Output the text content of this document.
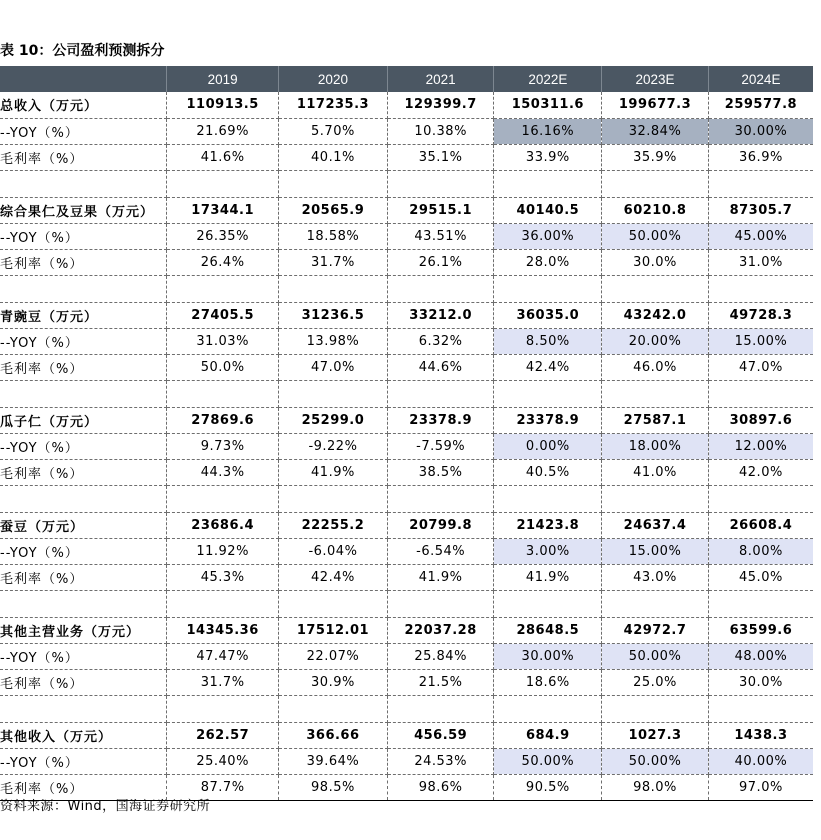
表 10：公司盈利预测拆分
	2019	2020	2021	2022E	2023E	2024E
总收入（万元）	110913.5	117235.3	129399.7	150311.6	199677.3	259577.8
--YOY（%）	21.69%	5.70%	10.38%	16.16%	32.84%	30.00%
毛利率（%）	41.6%	40.1%	35.1%	33.9%	35.9%	36.9%

综合果仁及豆果（万元）	17344.1	20565.9	29515.1	40140.5	60210.8	87305.7
--YOY（%）	26.35%	18.58%	43.51%	36.00%	50.00%	45.00%
毛利率（%）	26.4%	31.7%	26.1%	28.0%	30.0%	31.0%

青豌豆（万元）	27405.5	31236.5	33212.0	36035.0	43242.0	49728.3
--YOY（%）	31.03%	13.98%	6.32%	8.50%	20.00%	15.00%
毛利率（%）	50.0%	47.0%	44.6%	42.4%	46.0%	47.0%

瓜子仁（万元）	27869.6	25299.0	23378.9	23378.9	27587.1	30897.6
--YOY（%）	9.73%	-9.22%	-7.59%	0.00%	18.00%	12.00%
毛利率（%）	44.3%	41.9%	38.5%	40.5%	41.0%	42.0%

蚕豆（万元）	23686.4	22255.2	20799.8	21423.8	24637.4	26608.4
--YOY（%）	11.92%	-6.04%	-6.54%	3.00%	15.00%	8.00%
毛利率（%）	45.3%	42.4%	41.9%	41.9%	43.0%	45.0%

其他主营业务（万元）	14345.36	17512.01	22037.28	28648.5	42972.7	63599.6
--YOY（%）	47.47%	22.07%	25.84%	30.00%	50.00%	48.00%
毛利率（%）	31.7%	30.9%	21.5%	18.6%	25.0%	30.0%

其他收入（万元）	262.57	366.66	456.59	684.9	1027.3	1438.3
--YOY（%）	25.40%	39.64%	24.53%	50.00%	50.00%	40.00%
毛利率（%）	87.7%	98.5%	98.6%	90.5%	98.0%	97.0%
资料来源：Wind，国海证券研究所
